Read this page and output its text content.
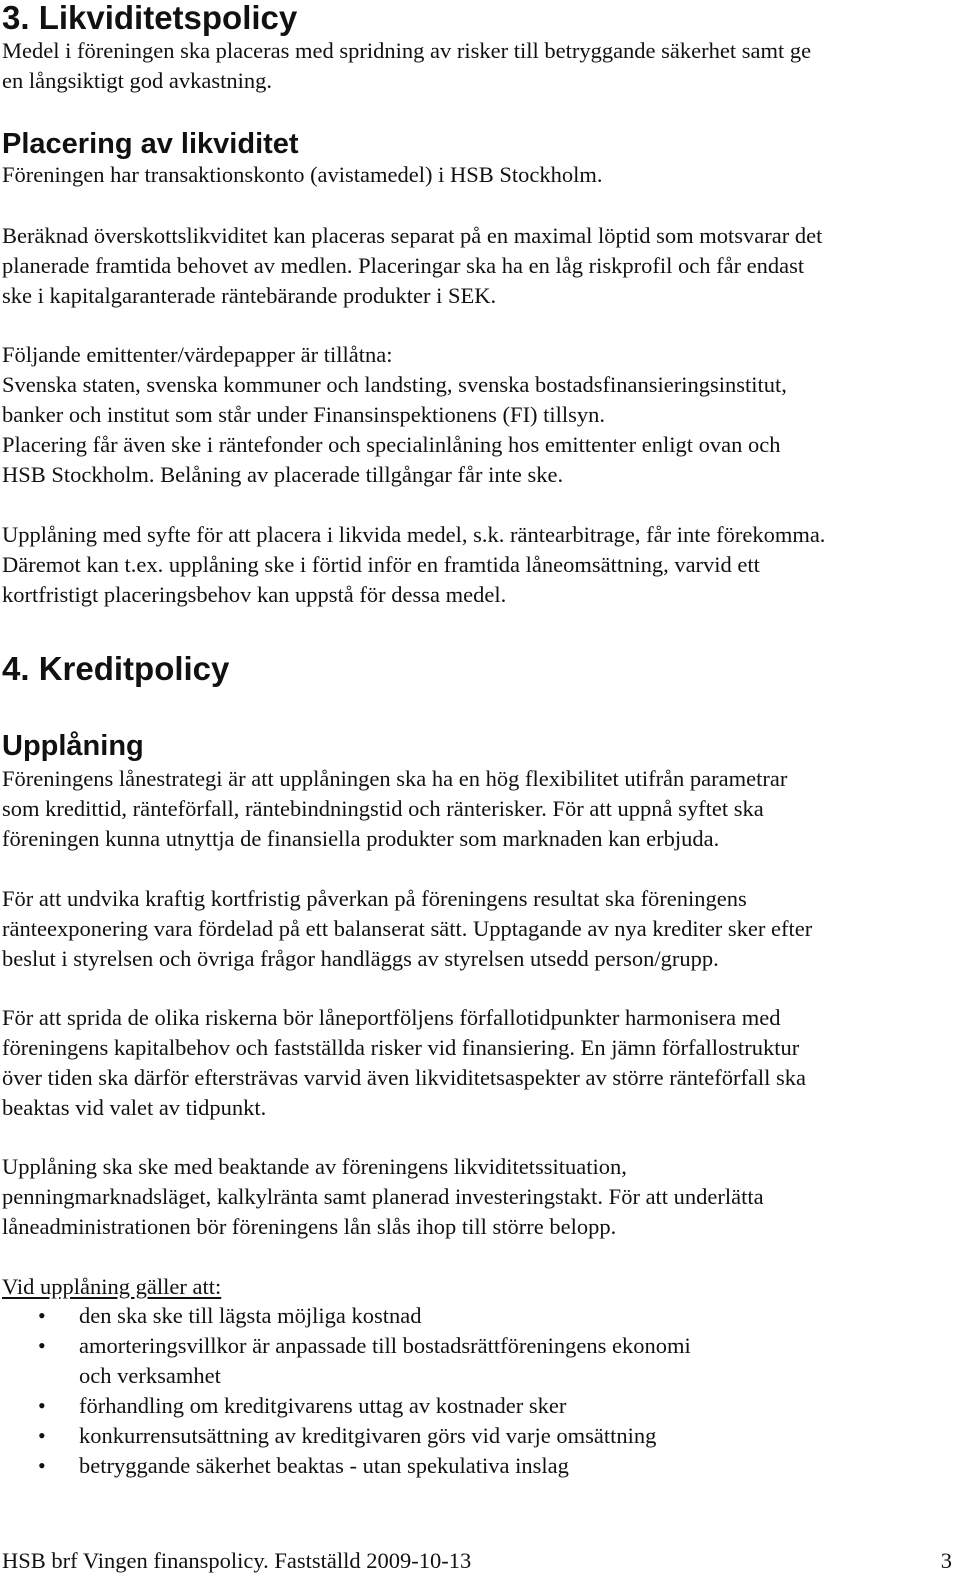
3. Likviditetspolicy
Medel i föreningen ska placeras med spridning av risker till betryggande säkerhet samt ge
en långsiktigt god avkastning.
Placering av likviditet
Föreningen har transaktionskonto (avistamedel) i HSB Stockholm.
Beräknad överskottslikviditet kan placeras separat på en maximal löptid som motsvarar det
planerade framtida behovet av medlen. Placeringar ska ha en låg riskprofil och får endast
ske i kapitalgaranterade räntebärande produkter i SEK.
Följande emittenter/värdepapper är tillåtna:
Svenska staten, svenska kommuner och landsting, svenska bostadsfinansieringsinstitut,
banker och institut som står under Finansinspektionens (FI) tillsyn.
Placering får även ske i räntefonder och specialinlåning hos emittenter enligt ovan och
HSB Stockholm. Belåning av placerade tillgångar får inte ske.
Upplåning med syfte för att placera i likvida medel, s.k. räntearbitrage, får inte förekomma.
Däremot kan t.ex. upplåning ske i förtid inför en framtida låneomsättning, varvid ett
kortfristigt placeringsbehov kan uppstå för dessa medel.
4. Kreditpolicy
Upplåning
Föreningens lånestrategi är att upplåningen ska ha en hög flexibilitet utifrån parametrar
som kredittid, ränteförfall, räntebindningstid och ränterisker. För att uppnå syftet ska
föreningen kunna utnyttja de finansiella produkter som marknaden kan erbjuda.
För att undvika kraftig kortfristig påverkan på föreningens resultat ska föreningens
ränteexponering vara fördelad på ett balanserat sätt. Upptagande av nya krediter sker efter
beslut i styrelsen och övriga frågor handläggs av styrelsen utsedd person/grupp.
För att sprida de olika riskerna bör låneportföljens förfallotidpunkter harmonisera med
föreningens kapitalbehov och fastställda risker vid finansiering. En jämn förfallostruktur
över tiden ska därför eftersträvas varvid även likviditetsaspekter av större ränteförfall ska
beaktas vid valet av tidpunkt.
Upplåning ska ske med beaktande av föreningens likviditetssituation,
penningmarknadsläget, kalkylränta samt planerad investeringstakt. För att underlätta
låneadministrationen bör föreningens lån slås ihop till större belopp.
Vid upplåning gäller att:
• den ska ske till lägsta möjliga kostnad
• amorteringsvillkor är anpassade till bostadsrättföreningens ekonomi
och verksamhet
• förhandling om kreditgivarens uttag av kostnader sker
• konkurrensutsättning av kreditgivaren görs vid varje omsättning
• betryggande säkerhet beaktas - utan spekulativa inslag
HSB brf Vingen finanspolicy. Fastställd 2009-10-13	3
